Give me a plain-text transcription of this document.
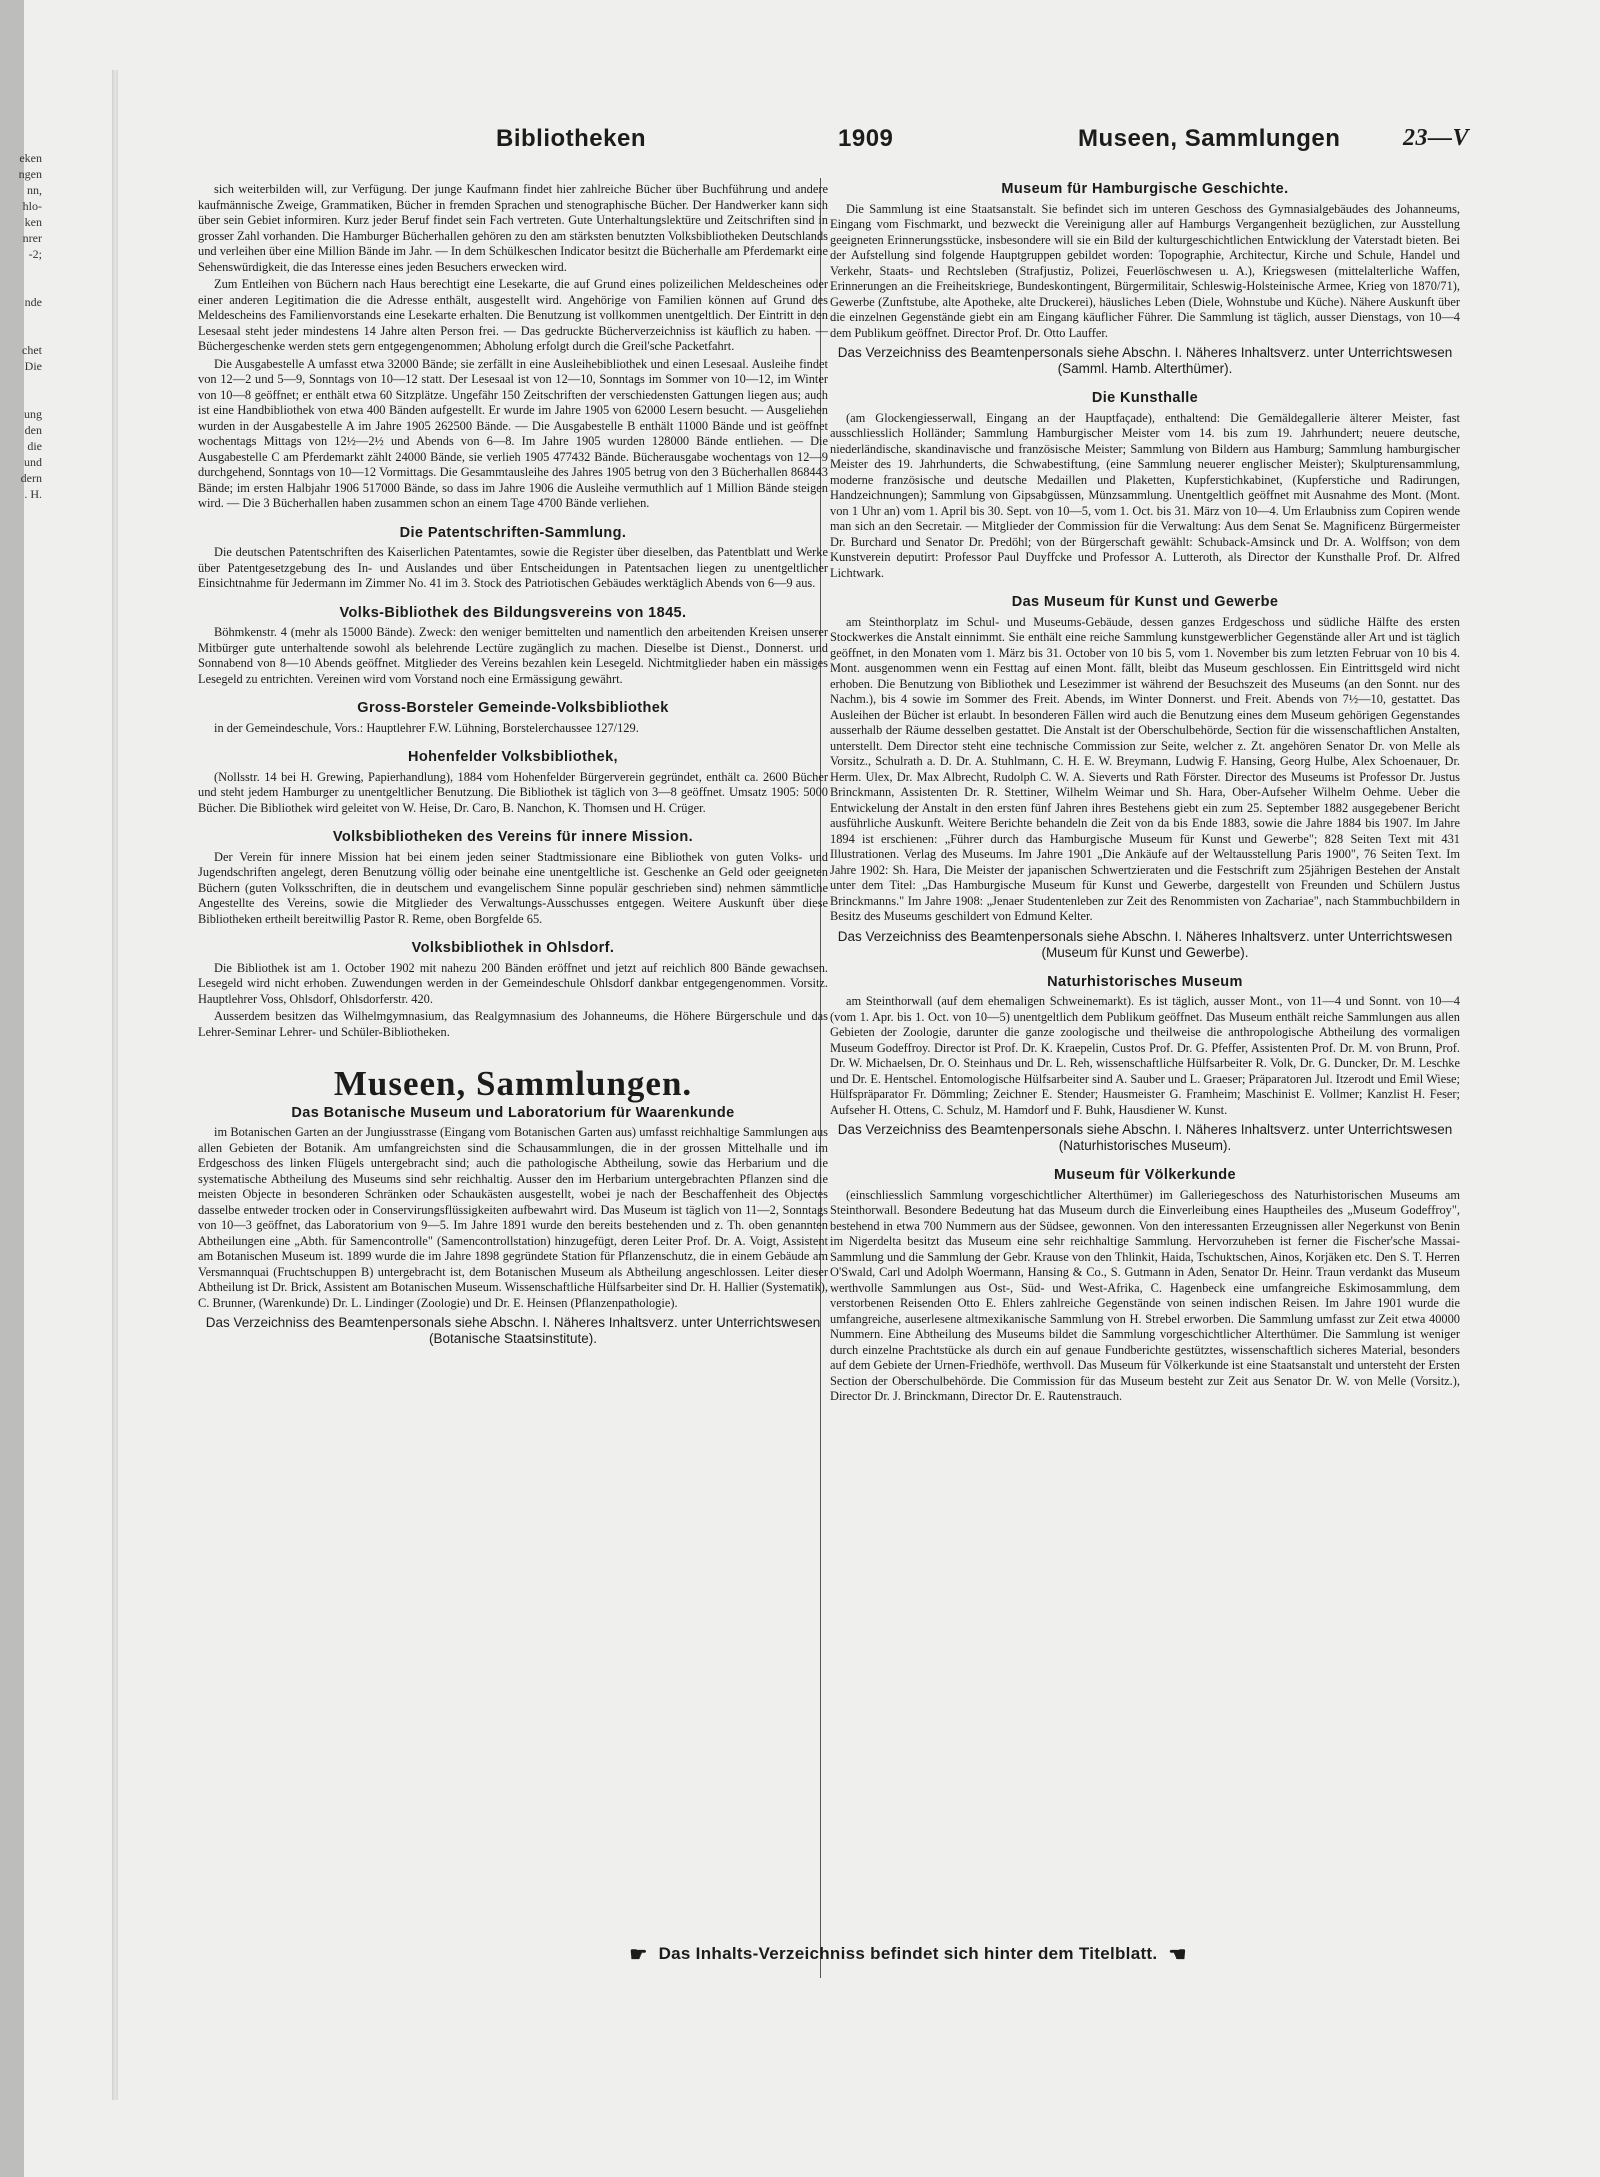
eken
ngen
nn,
hlo-
ken
nrer
-2;
nde
chet
Die
ung
den
die
und
dern
. H.
Bibliotheken	1909	Museen, Sammlungen	23—V

sich weiterbilden will, zur Verfügung. Der junge Kaufmann findet hier zahlreiche Bücher über Buchführung und andere kaufmännische Zweige, Grammatiken, Bücher in fremden Sprachen und stenographische Bücher. Der Handwerker kann sich über sein Gebiet informiren. Kurz jeder Beruf findet sein Fach vertreten. Gute Unterhaltungslektüre und Zeitschriften sind in grosser Zahl vorhanden. Die Hamburger Bücherhallen gehören zu den am stärksten benutzten Volksbibliotheken Deutschlands und verleihen über eine Million Bände im Jahr. — In dem Schülkeschen Indicator besitzt die Bücherhalle am Pferdemarkt eine Sehenswürdigkeit, die das Interesse eines jeden Besuchers erwecken wird.

Zum Entleihen von Büchern nach Haus berechtigt eine Lesekarte, die auf Grund eines polizeilichen Meldescheines oder einer anderen Legitimation die die Adresse enthält, ausgestellt wird. Angehörige von Familien können auf Grund des Meldescheins des Familienvorstands eine Lesekarte erhalten. Die Benutzung ist vollkommen unentgeltlich. Der Eintritt in den Lesesaal steht jeder mindestens 14 Jahre alten Person frei. — Das gedruckte Bücherverzeichniss ist käuflich zu haben. — Büchergeschenke werden stets gern entgegengenommen; Abholung erfolgt durch die Greil'sche Packetfahrt.

Die Ausgabestelle A umfasst etwa 32000 Bände; sie zerfällt in eine Ausleihebibliothek und einen Lesesaal. Ausleihe findet von 12—2 und 5—9, Sonntags von 10—12 statt. Der Lesesaal ist von 12—10, Sonntags im Sommer von 10—12, im Winter von 10—8 geöffnet; er enthält etwa 60 Sitzplätze. Ungefähr 150 Zeitschriften der verschiedensten Gattungen liegen aus; auch ist eine Handbibliothek von etwa 400 Bänden aufgestellt. Er wurde im Jahre 1905 von 62000 Lesern besucht. — Ausgeliehen wurden in der Ausgabestelle A im Jahre 1905 262500 Bände. — Die Ausgabestelle B enthält 11000 Bände und ist geöffnet wochentags Mittags von 12½—2½ und Abends von 6—8. Im Jahre 1905 wurden 128000 Bände entliehen. — Die Ausgabestelle C am Pferdemarkt zählt 24000 Bände, sie verlieh 1905 477432 Bände. Bücherausgabe wochentags von 12—9 durchgehend, Sonntags von 10—12 Vormittags. Die Gesammtausleihe des Jahres 1905 betrug von den 3 Bücherhallen 868443 Bände; im ersten Halbjahr 1906 517000 Bände, so dass im Jahre 1906 die Ausleihe vermuthlich auf 1 Million Bände steigen wird. — Die 3 Bücherhallen haben zusammen schon an einem Tage 4700 Bände verliehen.

Die Patentschriften-Sammlung.

Die deutschen Patentschriften des Kaiserlichen Patentamtes, sowie die Register über dieselben, das Patentblatt und Werke über Patentgesetzgebung des In- und Auslandes und über Entscheidungen in Patentsachen liegen zu unentgeltlicher Einsichtnahme für Jedermann im Zimmer No. 41 im 3. Stock des Patriotischen Gebäudes werktäglich Abends von 6—9 aus.

Volks-Bibliothek des Bildungsvereins von 1845.

Böhmkenstr. 4 (mehr als 15000 Bände). Zweck: den weniger bemittelten und namentlich den arbeitenden Kreisen unserer Mitbürger gute unterhaltende sowohl als belehrende Lectüre zugänglich zu machen. Dieselbe ist Dienst., Donnerst. und Sonnabend von 8—10 Abends geöffnet. Mitglieder des Vereins bezahlen kein Lesegeld. Nichtmitglieder haben ein mässiges Lesegeld zu entrichten. Vereinen wird vom Vorstand noch eine Ermässigung gewährt.

Gross-Borsteler Gemeinde-Volksbibliothek

in der Gemeindeschule, Vors.: Hauptlehrer F.W. Lühning, Borstelerchaussee 127/129.

Hohenfelder Volksbibliothek,

(Nollsstr. 14 bei H. Grewing, Papierhandlung), 1884 vom Hohenfelder Bürgerverein gegründet, enthält ca. 2600 Bücher und steht jedem Hamburger zu unentgeltlicher Benutzung. Die Bibliothek ist täglich von 3—8 geöffnet. Umsatz 1905: 5000 Bücher. Die Bibliothek wird geleitet von W. Heise, Dr. Caro, B. Nanchon, K. Thomsen und H. Crüger.

Volksbibliotheken des Vereins für innere Mission.

Der Verein für innere Mission hat bei einem jeden seiner Stadtmissionare eine Bibliothek von guten Volks- und Jugendschriften angelegt, deren Benutzung völlig oder beinahe eine unentgeltliche ist. Geschenke an Geld oder geeigneten Büchern (guten Volksschriften, die in deutschem und evangelischem Sinne populär geschrieben sind) nehmen sämmtliche Angestellte des Vereins, sowie die Mitglieder des Verwaltungs-Ausschusses entgegen. Weitere Auskunft über diese Bibliotheken ertheilt bereitwillig Pastor R. Reme, oben Borgfelde 65.

Volksbibliothek in Ohlsdorf.

Die Bibliothek ist am 1. October 1902 mit nahezu 200 Bänden eröffnet und jetzt auf reichlich 800 Bände gewachsen. Lesegeld wird nicht erhoben. Zuwendungen werden in der Gemeindeschule Ohlsdorf dankbar entgegengenommen. Vorsitz. Hauptlehrer Voss, Ohlsdorf, Ohlsdorferstr. 420.

Ausserdem besitzen das Wilhelmgymnasium, das Realgymnasium des Johanneums, die Höhere Bürgerschule und das Lehrer-Seminar Lehrer- und Schüler-Bibliotheken.

Museen, Sammlungen.
Das Botanische Museum und Laboratorium für Waarenkunde

im Botanischen Garten an der Jungiusstrasse (Eingang vom Botanischen Garten aus) umfasst reichhaltige Sammlungen aus allen Gebieten der Botanik. Am umfangreichsten sind die Schausammlungen, die in der grossen Mittelhalle und im Erdgeschoss des linken Flügels untergebracht sind; auch die pathologische Abtheilung, sowie das Herbarium und die systematische Abtheilung des Museums sind sehr reichhaltig. Ausser den im Herbarium untergebrachten Pflanzen sind die meisten Objecte in besonderen Schränken oder Schaukästen ausgestellt, wobei je nach der Beschaffenheit des Objectes dasselbe entweder trocken oder in Conservirungsflüssigkeiten aufbewahrt wird. Das Museum ist täglich von 11—2, Sonntags von 10—3 geöffnet, das Laboratorium von 9—5. Im Jahre 1891 wurde den bereits bestehenden und z. Th. oben genannten Abtheilungen eine „Abth. für Samencontrolle" (Samencontrollstation) hinzugefügt, deren Leiter Prof. Dr. A. Voigt, Assistent am Botanischen Museum ist. 1899 wurde die im Jahre 1898 gegründete Station für Pflanzenschutz, die in einem Gebäude am Versmannquai (Fruchtschuppen B) untergebracht ist, dem Botanischen Museum als Abtheilung angeschlossen. Leiter dieser Abtheilung ist Dr. Brick, Assistent am Botanischen Museum. Wissenschaftliche Hülfsarbeiter sind Dr. H. Hallier (Systematik), C. Brunner, (Warenkunde) Dr. L. Lindinger (Zoologie) und Dr. E. Heinsen (Pflanzenpathologie).

Das Verzeichniss des Beamtenpersonals siehe Abschn. I. Näheres Inhaltsverz. unter Unterrichtswesen (Botanische Staatsinstitute).
Museum für Hamburgische Geschichte.

Die Sammlung ist eine Staatsanstalt. Sie befindet sich im unteren Geschoss des Gymnasialgebäudes des Johanneums, Eingang vom Fischmarkt, und bezweckt die Vereinigung aller auf Hamburgs Vergangenheit bezüglichen, zur Ausstellung geeigneten Erinnerungsstücke, insbesondere will sie ein Bild der kulturgeschichtlichen Entwicklung der Vaterstadt bieten. Bei der Aufstellung sind folgende Hauptgruppen gebildet worden: Topographie, Architectur, Kirche und Schule, Handel und Verkehr, Staats- und Rechtsleben (Strafjustiz, Polizei, Feuerlöschwesen u. A.), Kriegswesen (mittelalterliche Waffen, Erinnerungen an die Freiheitskriege, Bundeskontingent, Bürgermilitair, Schleswig-Holsteinische Armee, Krieg von 1870/71), Gewerbe (Zunftstube, alte Apotheke, alte Druckerei), häusliches Leben (Diele, Wohnstube und Küche). Nähere Auskunft über die einzelnen Gegenstände giebt ein am Eingang käuflicher Führer. Die Sammlung ist täglich, ausser Dienstags, von 10—4 dem Publikum geöffnet. Director Prof. Dr. Otto Lauffer.

Das Verzeichniss des Beamtenpersonals siehe Abschn. I. Näheres Inhaltsverz. unter Unterrichtswesen (Samml. Hamb. Alterthümer).
Die Kunsthalle

(am Glockengiesserwall, Eingang an der Hauptfaçade), enthaltend: Die Gemäldegallerie älterer Meister, fast ausschliesslich Holländer; Sammlung Hamburgischer Meister vom 14. bis zum 19. Jahrhundert; neuere deutsche, niederländische, skandinavische und französische Meister; Sammlung von Bildern aus Hamburg; Sammlung hamburgischer Meister des 19. Jahrhunderts, die Schwabestiftung, (eine Sammlung neuerer englischer Meister); Skulpturensammlung, moderne französische und deutsche Medaillen und Plaketten, Kupferstichkabinet, (Kupferstiche und Radirungen, Handzeichnungen); Sammlung von Gipsabgüssen, Münzsammlung. Unentgeltlich geöffnet mit Ausnahme des Mont. (Mont. von 1 Uhr an) vom 1. April bis 30. Sept. von 10—5, vom 1. Oct. bis 31. März von 10—4. Um Erlaubniss zum Copiren wende man sich an den Secretair. — Mitglieder der Commission für die Verwaltung: Aus dem Senat Se. Magnificenz Bürgermeister Dr. Burchard und Senator Dr. Predöhl; von der Bürgerschaft gewählt: Schuback-Amsinck und Dr. A. Wolffson; von dem Kunstverein deputirt: Professor Paul Duyffcke und Professor A. Lutteroth, als Director der Kunsthalle Prof. Dr. Alfred Lichtwark.

Das Museum für Kunst und Gewerbe

am Steinthorplatz im Schul- und Museums-Gebäude, dessen ganzes Erdgeschoss und südliche Hälfte des ersten Stockwerkes die Anstalt einnimmt. Sie enthält eine reiche Sammlung kunstgewerblicher Gegenstände aller Art und ist täglich geöffnet, in den Monaten vom 1. März bis 31. October von 10 bis 5, vom 1. November bis zum letzten Februar von 10 bis 4. Mont. ausgenommen wenn ein Festtag auf einen Mont. fällt, bleibt das Museum geschlossen. Ein Eintrittsgeld wird nicht erhoben. Die Benutzung von Bibliothek und Lesezimmer ist während der Besuchszeit des Museums (an den Sonnt. nur des Nachm.), bis 4 sowie im Sommer des Freit. Abends, im Winter Donnerst. und Freit. Abends von 7½—10, gestattet. Das Ausleihen der Bücher ist erlaubt. In besonderen Fällen wird auch die Benutzung eines dem Museum gehörigen Gegenstandes ausserhalb der Räume desselben gestattet. Die Anstalt ist der Oberschulbehörde, Section für die wissenschaftlichen Anstalten, unterstellt. Dem Director steht eine technische Commission zur Seite, welcher z. Zt. angehören Senator Dr. von Melle als Vorsitz., Schulrath a. D. Dr. A. Stuhlmann, C. H. E. W. Breymann, Ludwig F. Hansing, Georg Hulbe, Alex Schoenauer, Dr. Herm. Ulex, Dr. Max Albrecht, Rudolph C. W. A. Sieverts und Rath Förster. Director des Museums ist Professor Dr. Justus Brinckmann, Assistenten Dr. R. Stettiner, Wilhelm Weimar und Sh. Hara, Ober-Aufseher Wilhelm Oehme. Ueber die Entwickelung der Anstalt in den ersten fünf Jahren ihres Bestehens giebt ein zum 25. September 1882 ausgegebener Bericht ausführliche Auskunft. Weitere Berichte behandeln die Zeit von da bis Ende 1883, sowie die Jahre 1884 bis 1907. Im Jahre 1894 ist erschienen: „Führer durch das Hamburgische Museum für Kunst und Gewerbe"; 828 Seiten Text mit 431 Illustrationen. Verlag des Museums. Im Jahre 1901 „Die Ankäufe auf der Weltausstellung Paris 1900", 76 Seiten Text. Im Jahre 1902: Sh. Hara, Die Meister der japanischen Schwertzieraten und die Festschrift zum 25jährigen Bestehen der Anstalt unter dem Titel: „Das Hamburgische Museum für Kunst und Gewerbe, dargestellt von Freunden und Schülern Justus Brinckmanns." Im Jahre 1908: „Jenaer Studentenleben zur Zeit des Renommisten von Zachariae", nach Stammbuchbildern in Besitz des Museums geschildert von Edmund Kelter.

Das Verzeichniss des Beamtenpersonals siehe Abschn. I. Näheres Inhaltsverz. unter Unterrichtswesen (Museum für Kunst und Gewerbe).
Naturhistorisches Museum

am Steinthorwall (auf dem ehemaligen Schweinemarkt). Es ist täglich, ausser Mont., von 11—4 und Sonnt. von 10—4 (vom 1. Apr. bis 1. Oct. von 10—5) unentgeltlich dem Publikum geöffnet. Das Museum enthält reiche Sammlungen aus allen Gebieten der Zoologie, darunter die ganze zoologische und theilweise die anthropologische Abtheilung des vormaligen Museum Godeffroy. Director ist Prof. Dr. K. Kraepelin, Custos Prof. Dr. G. Pfeffer, Assistenten Prof. Dr. M. von Brunn, Prof. Dr. W. Michaelsen, Dr. O. Steinhaus und Dr. L. Reh, wissenschaftliche Hülfsarbeiter R. Volk, Dr. G. Duncker, Dr. M. Leschke und Dr. E. Hentschel. Entomologische Hülfsarbeiter sind A. Sauber und L. Graeser; Präparatoren Jul. Itzerodt und Emil Wiese; Hülfspräparator Fr. Dömmling; Zeichner E. Stender; Hausmeister G. Framheim; Maschinist E. Vollmer; Kanzlist H. Feser; Aufseher H. Ottens, C. Schulz, M. Hamdorf und F. Buhk, Hausdiener W. Kunst.

Das Verzeichniss des Beamtenpersonals siehe Abschn. I. Näheres Inhaltsverz. unter Unterrichtswesen (Naturhistorisches Museum).
Museum für Völkerkunde

(einschliesslich Sammlung vorgeschichtlicher Alterthümer) im Galleriegeschoss des Naturhistorischen Museums am Steinthorwall. Besondere Bedeutung hat das Museum durch die Einverleibung eines Hauptheiles des „Museum Godeffroy", bestehend in etwa 700 Nummern aus der Südsee, gewonnen. Von den interessanten Erzeugnissen aller Negerkunst von Benin im Nigerdelta besitzt das Museum eine sehr reichhaltige Sammlung. Hervorzuheben ist ferner die Fischer'sche Massai-Sammlung und die Sammlung der Gebr. Krause von den Thlinkit, Haida, Tschuktschen, Ainos, Korjäken etc. Den S. T. Herren O'Swald, Carl und Adolph Woermann, Hansing & Co., S. Gutmann in Aden, Senator Dr. Heinr. Traun verdankt das Museum werthvolle Sammlungen aus Ost-, Süd- und West-Afrika, C. Hagenbeck eine umfangreiche Eskimosammlung, dem verstorbenen Reisenden Otto E. Ehlers zahlreiche Gegenstände von seinen indischen Reisen. Im Jahre 1901 wurde die umfangreiche, auserlesene altmexikanische Sammlung von H. Strebel erworben. Die Sammlung umfasst zur Zeit etwa 40000 Nummern. Eine Abtheilung des Museums bildet die Sammlung vorgeschichtlicher Alterthümer. Die Sammlung ist weniger durch einzelne Prachtstücke als durch ein auf genaue Fundberichte gestütztes, wissenschaftlich sicheres Material, besonders auf dem Gebiete der Urnen-Friedhöfe, werthvoll. Das Museum für Völkerkunde ist eine Staatsanstalt und untersteht der Ersten Section der Oberschulbehörde. Die Commission für das Museum besteht zur Zeit aus Senator Dr. W. von Melle (Vorsitz.), Director Dr. J. Brinckmann, Director Dr. E. Rautenstrauch.

☛ Das Inhalts-Verzeichniss befindet sich hinter dem Titelblatt. ☚
